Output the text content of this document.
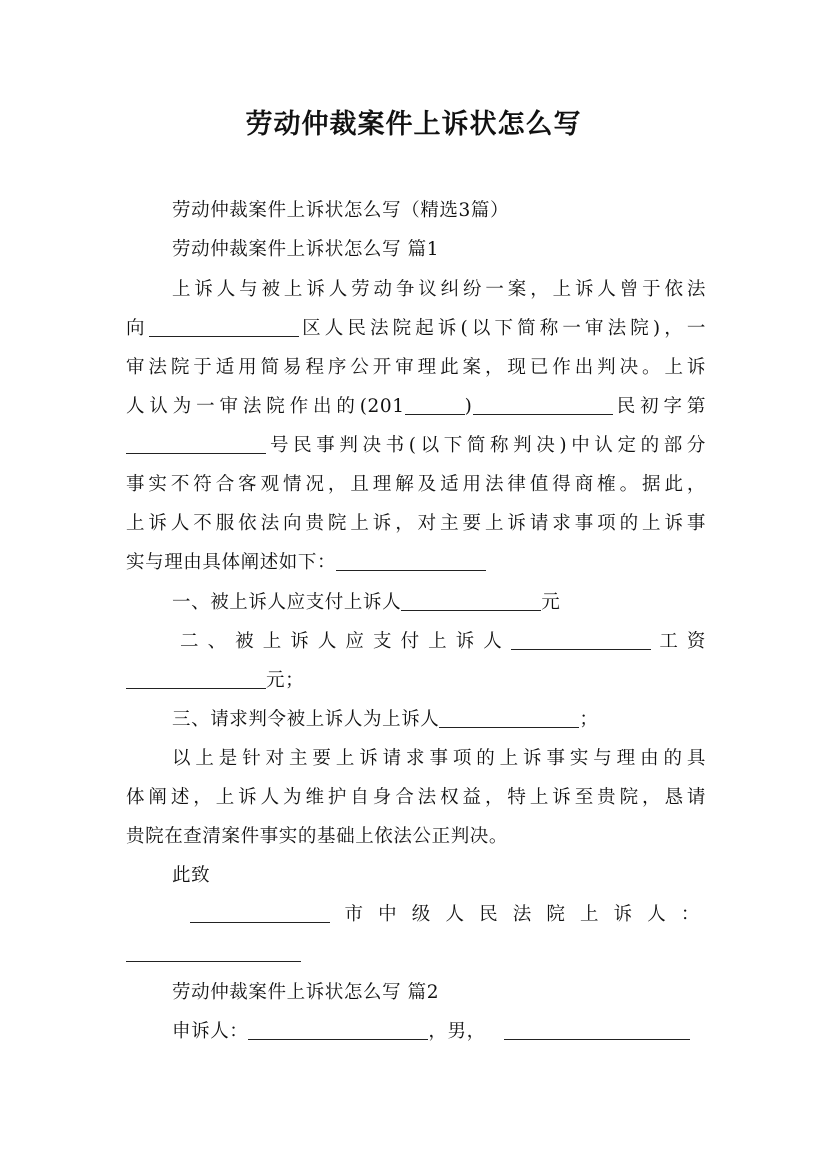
劳动仲裁案件上诉状怎么写
劳动仲裁案件上诉状怎么写（精选3篇）
劳动仲裁案件上诉状怎么写 篇1
上诉人与被上诉人劳动争议纠纷一案，上诉人曾于依法
向	区人民法院起诉(以下简称一审法院)，一
审法院于适用简易程序公开审理此案，现已作出判决。上诉
人认为一审法院作出的(201	)	民初字第
号民事判决书(以下简称判决)中认定的部分
事实不符合客观情况，且理解及适用法律值得商榷。据此，
上诉人不服依法向贵院上诉，对主要上诉请求事项的上诉事
实与理由具体阐述如下：
一、被上诉人应支付上诉人	元
二、被上诉人应支付上诉人	工资
元；
三、请求判令被上诉人为上诉人	；
以上是针对主要上诉请求事项的上诉事实与理由的具
体阐述，上诉人为维护自身合法权益，特上诉至贵院，恳请
贵院在查清案件事实的基础上依法公正判决。
此致
市中级人民法院上诉人：
劳动仲裁案件上诉状怎么写 篇2
申诉人：	，男，
